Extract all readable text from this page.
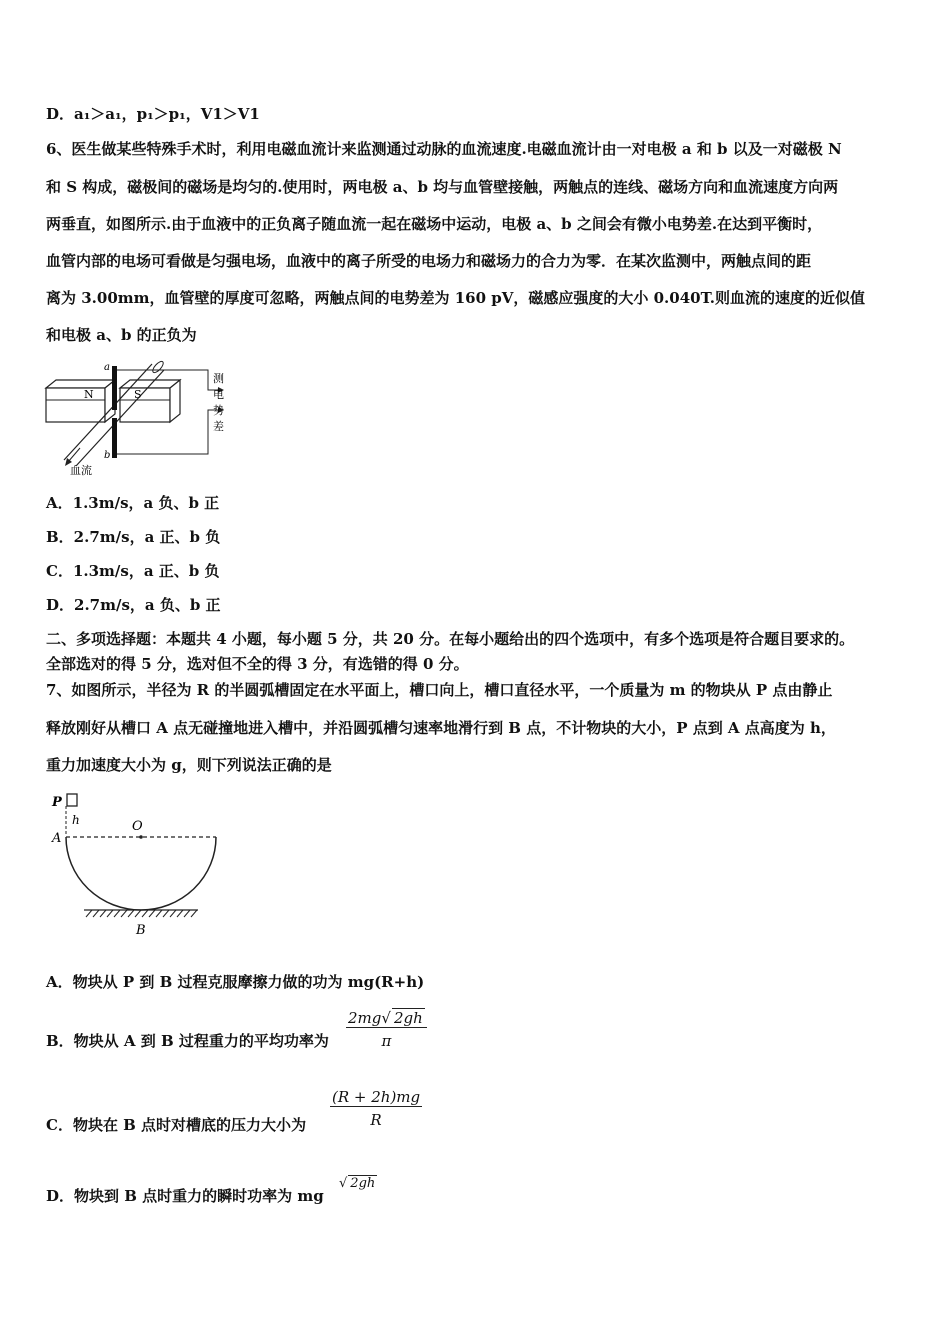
D．a₁＞a₁，p₁＞p₁，V1＞V1
6、医生做某些特殊手术时，利用电磁血流计来监测通过动脉的血流速度.电磁血流计由一对电极 a 和 b 以及一对磁极 N
和 S 构成，磁极间的磁场是均匀的.使用时，两电极 a、b 均与血管壁接触，两触点的连线、磁场方向和血流速度方向两
两垂直，如图所示.由于血液中的正负离子随血流一起在磁场中运动，电极 a、b 之间会有微小电势差.在达到平衡时，
血管内部的电场可看做是匀强电场，血液中的离子所受的电场力和磁场力的合力为零．在某次监测中，两触点间的距
离为 3.00mm，血管壁的厚度可忽略，两触点间的电势差为 160 pV，磁感应强度的大小 0.040T.则血流的速度的近似值
和电极 a、b 的正负为
a
b
N	S
血流
测
电
势
差
A．1.3m/s，a 负、b 正
B．2.7m/s，a 正、b 负
C．1.3m/s，a 正、b 负
D．2.7m/s，a 负、b 正
二、多项选择题：本题共 4 小题，每小题 5 分，共 20 分。在每小题给出的四个选项中，有多个选项是符合题目要求的。
全部选对的得 5 分，选对但不全的得 3 分，有选错的得 0 分。
7、如图所示，半径为 R 的半圆弧槽固定在水平面上，槽口向上，槽口直径水平，一个质量为 m 的物块从 P 点由静止
释放刚好从槽口 A 点无碰撞地进入槽中，并沿圆弧槽匀速率地滑行到 B 点，不计物块的大小，P 点到 A 点高度为 h，
重力加速度大小为 g，则下列说法正确的是
P
h	O
A
B
A．物块从 P 到 B 过程克服摩擦力做的功为 mg(R+h)
B．物块从 A 到 B 过程重力的平均功率为 $\frac{2mg√ 2gh}{\pi}$
C．物块在 B 点时对槽底的压力大小为 $\frac{(R + 2h)mg}{R}$
D．物块到 B 点时重力的瞬时功率为 mg
√ 2gh
